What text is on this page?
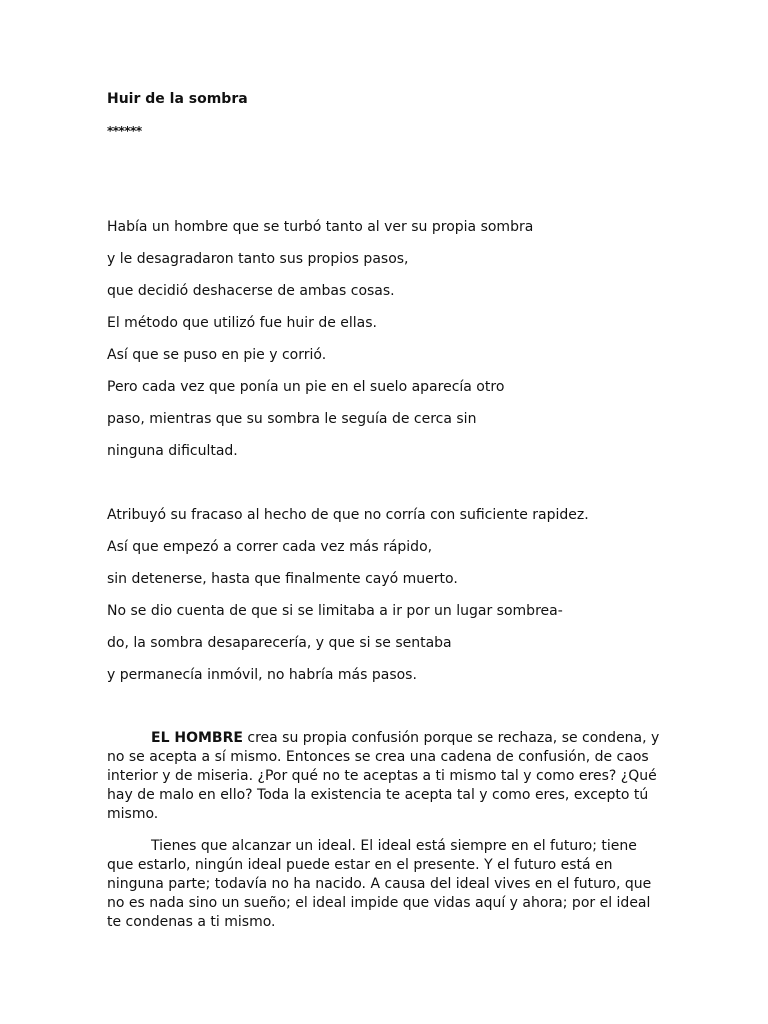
Huir de la sombra
******
Había un hombre que se turbó tanto al ver su propia sombra
y le desagradaron tanto sus propios pasos,
que decidió deshacerse de ambas cosas.
El método que utilizó fue huir de ellas.
Así que se puso en pie y corrió.
Pero cada vez que ponía un pie en el suelo aparecía otro
paso, mientras que su sombra le seguía de cerca sin
ninguna dificultad.
Atribuyó su fracaso al hecho de que no corría con suficiente rapidez.
Así que empezó a correr cada vez más rápido,
sin detenerse, hasta que finalmente cayó muerto.
No se dio cuenta de que si se limitaba a ir por un lugar sombrea-
do, la sombra desaparecería, y que si se sentaba
y permanecía inmóvil, no habría más pasos.

EL HOMBRE crea su propia confusión porque se rechaza, se condena, y no se acepta a sí mismo. Entonces se crea una cadena de confusión, de caos interior y de miseria. ¿Por qué no te aceptas a ti mismo tal y como eres? ¿Qué hay de malo en ello? Toda la existencia te acepta tal y como eres, excepto tú mismo.

Tienes que alcanzar un ideal. El ideal está siempre en el futuro; tiene que estarlo, ningún ideal puede estar en el presente. Y el futuro está en ninguna parte; todavía no ha nacido. A causa del ideal vives en el futuro, que no es nada sino un sueño; el ideal impide que vidas aquí y ahora; por el ideal te condenas a ti mismo.
